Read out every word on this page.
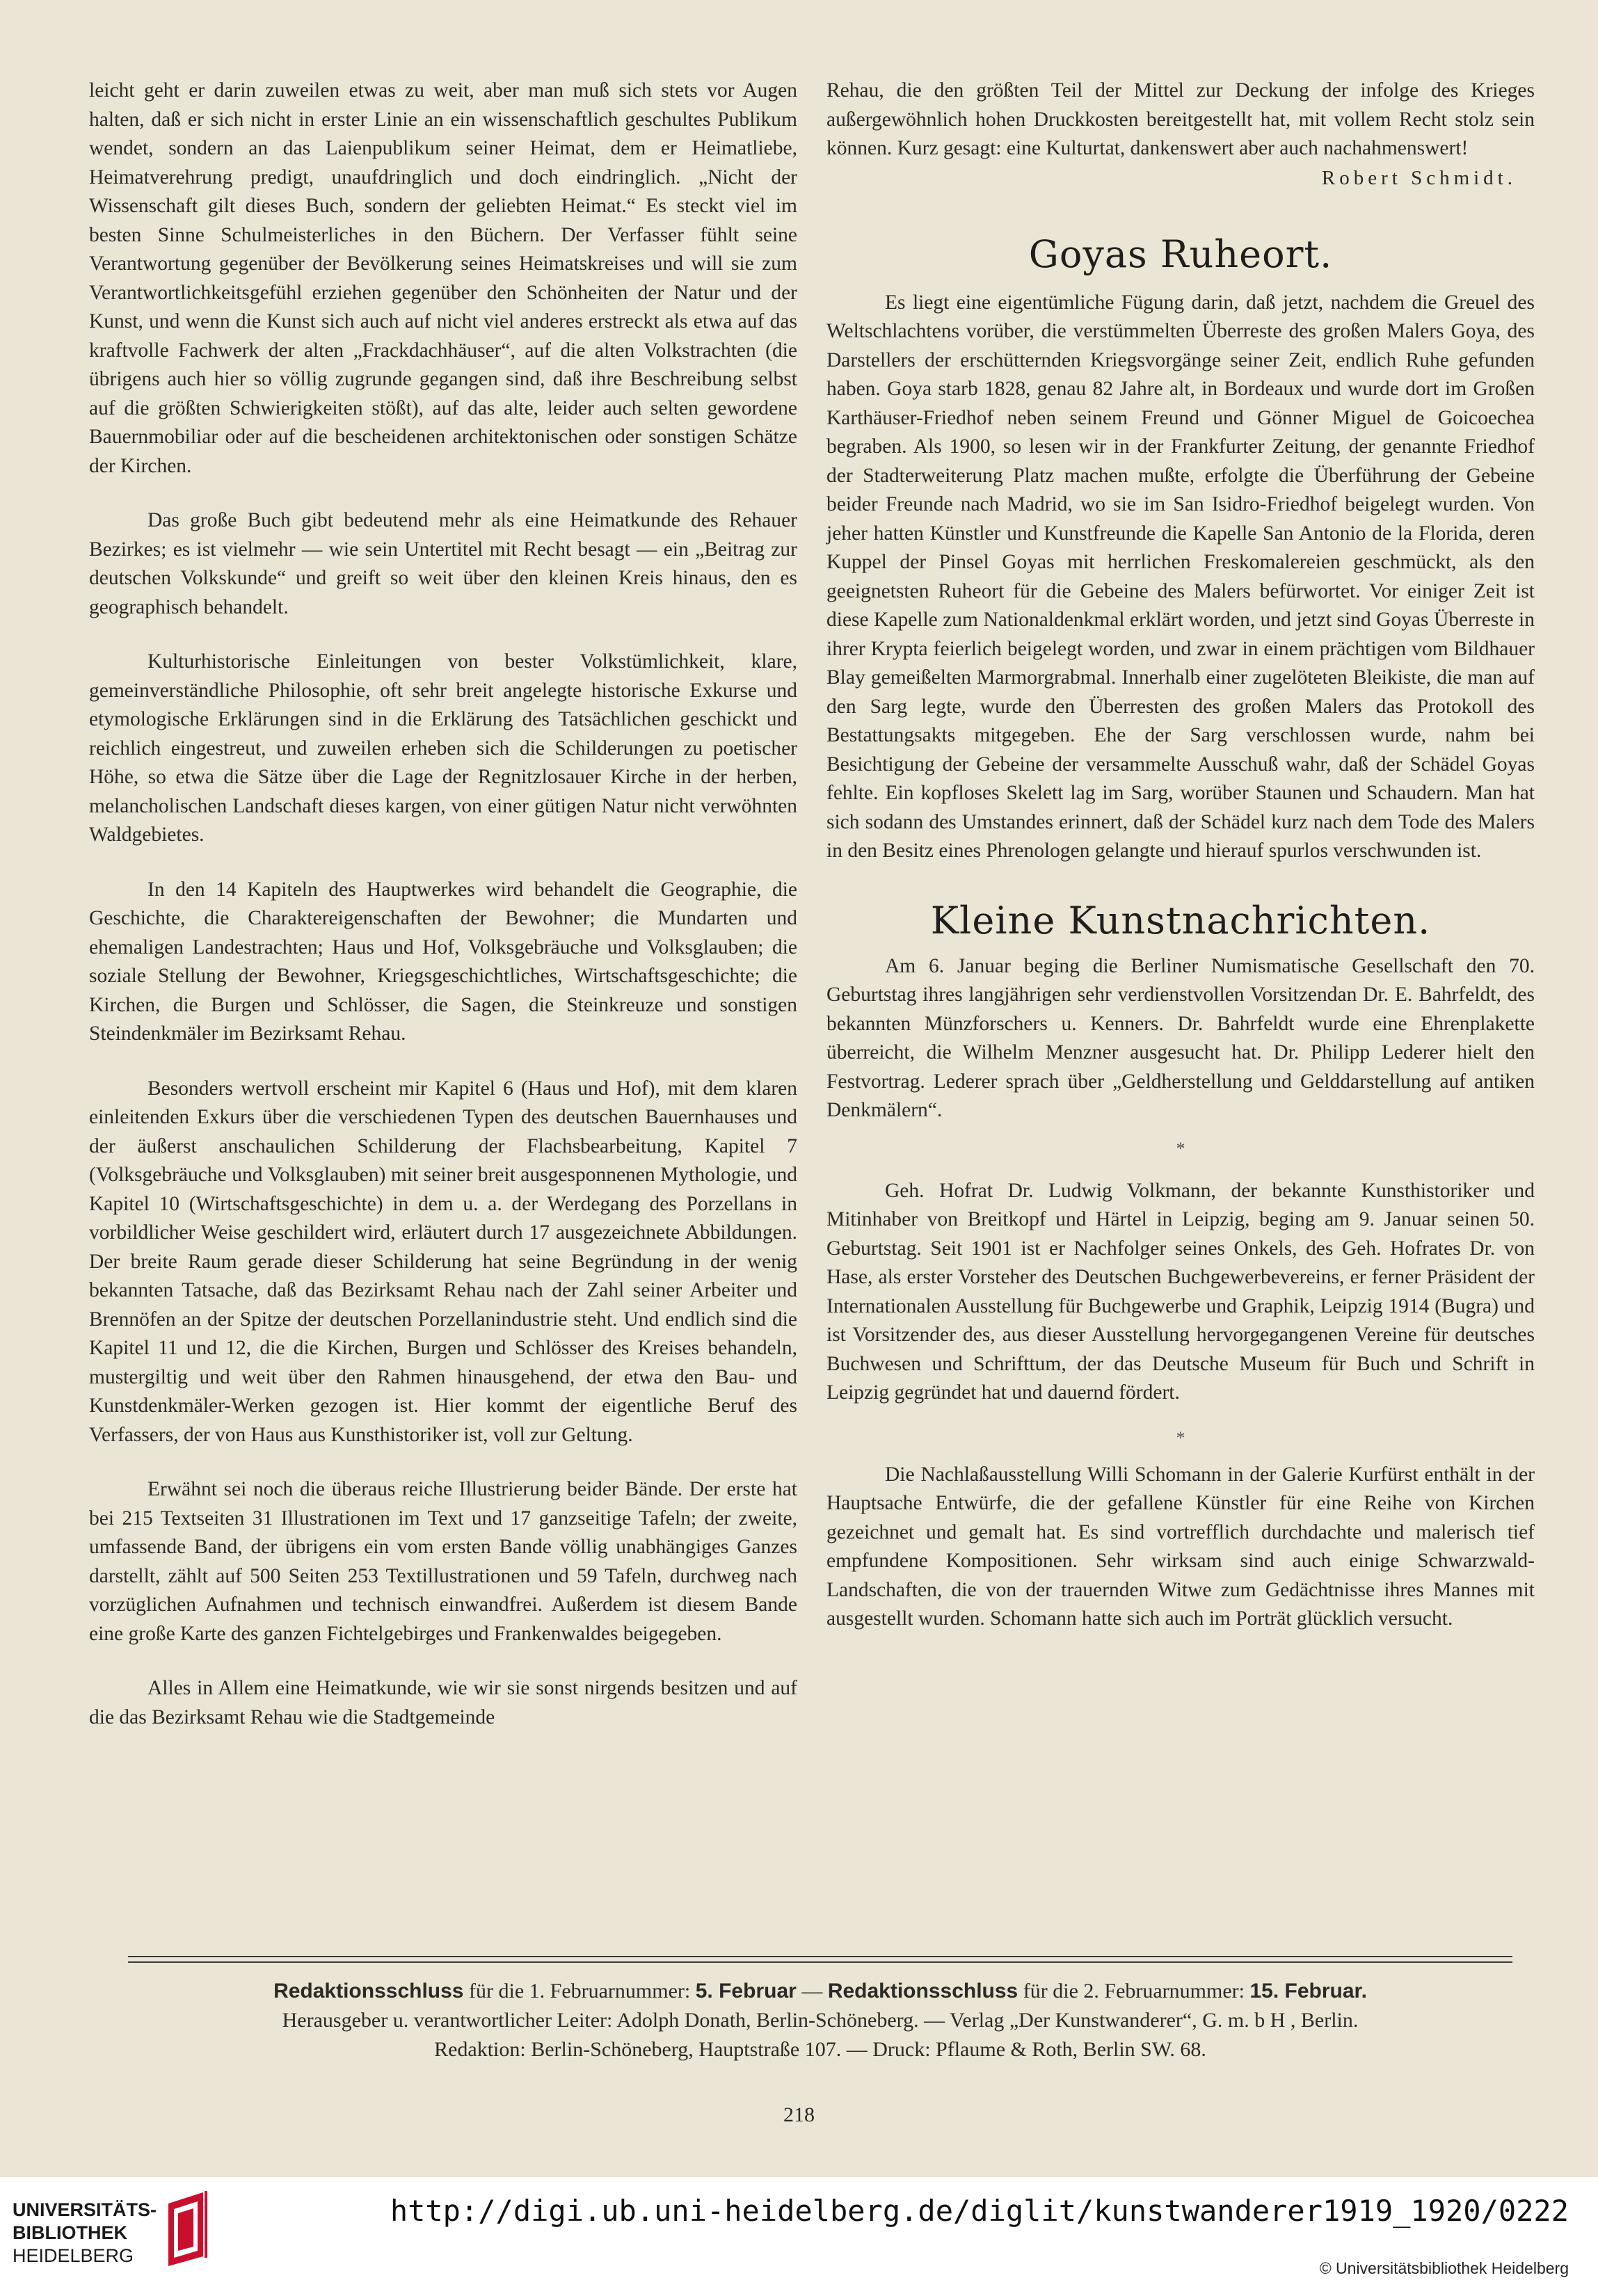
leicht geht er darin zuweilen etwas zu weit, aber man muß sich stets vor Augen halten, daß er sich nicht in erster Linie an ein wissenschaftlich geschultes Publikum wendet, sondern an das Laienpublikum seiner Heimat, dem er Heimatliebe, Heimatverehrung predigt, unaufdringlich und doch eindringlich. „Nicht der Wissenschaft gilt dieses Buch, sondern der geliebten Heimat.“ Es steckt viel im besten Sinne Schulmeisterliches in den Büchern. Der Verfasser fühlt seine Verantwortung gegenüber der Bevölkerung seines Heimatskreises und will sie zum Verantwortlichkeitsgefühl erziehen gegenüber den Schönheiten der Natur und der Kunst, und wenn die Kunst sich auch auf nicht viel anderes erstreckt als etwa auf das kraftvolle Fachwerk der alten „Frackdachhäuser“, auf die alten Volkstrachten (die übrigens auch hier so völlig zugrunde gegangen sind, daß ihre Beschreibung selbst auf die größten Schwierigkeiten stößt), auf das alte, leider auch selten gewordene Bauernmobiliar oder auf die bescheidenen architektonischen oder sonstigen Schätze der Kirchen.

Das große Buch gibt bedeutend mehr als eine Heimatkunde des Rehauer Bezirkes; es ist vielmehr — wie sein Untertitel mit Recht besagt — ein „Beitrag zur deutschen Volkskunde“ und greift so weit über den kleinen Kreis hinaus, den es geographisch behandelt.

Kulturhistorische Einleitungen von bester Volkstümlichkeit, klare, gemeinverständliche Philosophie, oft sehr breit angelegte historische Exkurse und etymologische Erklärungen sind in die Erklärung des Tatsächlichen geschickt und reichlich eingestreut, und zuweilen erheben sich die Schilderungen zu poetischer Höhe, so etwa die Sätze über die Lage der Regnitzlosauer Kirche in der herben, melancholischen Landschaft dieses kargen, von einer gütigen Natur nicht verwöhnten Waldgebietes.

In den 14 Kapiteln des Hauptwerkes wird behandelt die Geographie, die Geschichte, die Charaktereigenschaften der Bewohner; die Mundarten und ehemaligen Landestrachten; Haus und Hof, Volksgebräuche und Volksglauben; die soziale Stellung der Bewohner, Kriegsgeschichtliches, Wirtschaftsgeschichte; die Kirchen, die Burgen und Schlösser, die Sagen, die Steinkreuze und sonstigen Steindenkmäler im Bezirksamt Rehau.

Besonders wertvoll erscheint mir Kapitel 6 (Haus und Hof), mit dem klaren einleitenden Exkurs über die verschiedenen Typen des deutschen Bauernhauses und der äußerst anschaulichen Schilderung der Flachsbearbeitung, Kapitel 7 (Volksgebräuche und Volksglauben) mit seiner breit ausgesponnenen Mythologie, und Kapitel 10 (Wirtschaftsgeschichte) in dem u. a. der Werdegang des Porzellans in vorbildlicher Weise geschildert wird, erläutert durch 17 ausgezeichnete Abbildungen. Der breite Raum gerade dieser Schilderung hat seine Begründung in der wenig bekannten Tatsache, daß das Bezirksamt Rehau nach der Zahl seiner Arbeiter und Brennöfen an der Spitze der deutschen Porzellanindustrie steht. Und endlich sind die Kapitel 11 und 12, die die Kirchen, Burgen und Schlösser des Kreises behandeln, mustergiltig und weit über den Rahmen hinausgehend, der etwa den Bau- und Kunstdenkmäler-Werken gezogen ist. Hier kommt der eigentliche Beruf des Verfassers, der von Haus aus Kunsthistoriker ist, voll zur Geltung.

Erwähnt sei noch die überaus reiche Illustrierung beider Bände. Der erste hat bei 215 Textseiten 31 Illustrationen im Text und 17 ganzseitige Tafeln; der zweite, umfassende Band, der übrigens ein vom ersten Bande völlig unabhängiges Ganzes darstellt, zählt auf 500 Seiten 253 Textillustrationen und 59 Tafeln, durchweg nach vorzüglichen Aufnahmen und technisch einwandfrei. Außerdem ist diesem Bande eine große Karte des ganzen Fichtelgebirges und Frankenwaldes beigegeben.

Alles in Allem eine Heimatkunde, wie wir sie sonst nirgends besitzen und auf die das Bezirksamt Rehau wie die Stadtgemeinde

Rehau, die den größten Teil der Mittel zur Deckung der infolge des Krieges außergewöhnlich hohen Druckkosten bereitgestellt hat, mit vollem Recht stolz sein können. Kurz gesagt: eine Kulturtat, dankenswert aber auch nachahmenswert!

Robert Schmidt.
Goyas Ruheort.

Es liegt eine eigentümliche Fügung darin, daß jetzt, nachdem die Greuel des Weltschlachtens vorüber, die verstümmelten Überreste des großen Malers Goya, des Darstellers der erschütternden Kriegsvorgänge seiner Zeit, endlich Ruhe gefunden haben. Goya starb 1828, genau 82 Jahre alt, in Bordeaux und wurde dort im Großen Karthäuser-Friedhof neben seinem Freund und Gönner Miguel de Goicoechea begraben. Als 1900, so lesen wir in der Frankfurter Zeitung, der genannte Friedhof der Stadterweiterung Platz machen mußte, erfolgte die Überführung der Gebeine beider Freunde nach Madrid, wo sie im San Isidro-Friedhof beigelegt wurden. Von jeher hatten Künstler und Kunstfreunde die Kapelle San Antonio de la Florida, deren Kuppel der Pinsel Goyas mit herrlichen Freskomalereien geschmückt, als den geeignetsten Ruheort für die Gebeine des Malers befürwortet. Vor einiger Zeit ist diese Kapelle zum Nationaldenkmal erklärt worden, und jetzt sind Goyas Überreste in ihrer Krypta feierlich beigelegt worden, und zwar in einem prächtigen vom Bildhauer Blay gemeißelten Marmorgrabmal. Innerhalb einer zugelöteten Bleikiste, die man auf den Sarg legte, wurde den Überresten des großen Malers das Protokoll des Bestattungsakts mitgegeben. Ehe der Sarg verschlossen wurde, nahm bei Besichtigung der Gebeine der versammelte Ausschuß wahr, daß der Schädel Goyas fehlte. Ein kopfloses Skelett lag im Sarg, worüber Staunen und Schaudern. Man hat sich sodann des Umstandes erinnert, daß der Schädel kurz nach dem Tode des Malers in den Besitz eines Phrenologen gelangte und hierauf spurlos verschwunden ist.

Kleine Kunstnachrichten.

Am 6. Januar beging die Berliner Numismatische Gesellschaft den 70. Geburtstag ihres langjährigen sehr verdienstvollen Vorsitzendan Dr. E. Bahrfeldt, des bekannten Münzforschers u. Kenners. Dr. Bahrfeldt wurde eine Ehrenplakette überreicht, die Wilhelm Menzner ausgesucht hat. Dr. Philipp Lederer hielt den Festvortrag. Lederer sprach über „Geldherstellung und Gelddarstellung auf antiken Denkmälern“.

*

Geh. Hofrat Dr. Ludwig Volkmann, der bekannte Kunsthistoriker und Mitinhaber von Breitkopf und Härtel in Leipzig, beging am 9. Januar seinen 50. Geburtstag. Seit 1901 ist er Nachfolger seines Onkels, des Geh. Hofrates Dr. von Hase, als erster Vorsteher des Deutschen Buchgewerbevereins, er ferner Präsident der Internationalen Ausstellung für Buchgewerbe und Graphik, Leipzig 1914 (Bugra) und ist Vorsitzender des, aus dieser Ausstellung hervorgegangenen Vereine für deutsches Buchwesen und Schrifttum, der das Deutsche Museum für Buch und Schrift in Leipzig gegründet hat und dauernd fördert.

*

Die Nachlaßausstellung Willi Schomann in der Galerie Kurfürst enthält in der Hauptsache Entwürfe, die der gefallene Künstler für eine Reihe von Kirchen gezeichnet und gemalt hat. Es sind vortrefflich durchdachte und malerisch tief empfundene Kompositionen. Sehr wirksam sind auch einige Schwarzwald-Landschaften, die von der trauernden Witwe zum Gedächtnisse ihres Mannes mit ausgestellt wurden. Schomann hatte sich auch im Porträt glücklich versucht.

Redaktionsschluss für die 1. Februarnummer: 5. Februar — Redaktionsschluss für die 2. Februarnummer: 15. Februar.
Herausgeber u. verantwortlicher Leiter: Adolph Donath, Berlin-Schöneberg. — Verlag „Der Kunstwanderer“, G. m. b H , Berlin.
Redaktion: Berlin-Schöneberg, Hauptstraße 107. — Druck: Pflaume & Roth, Berlin SW. 68.
218
UNIVERSITÄTS-
BIBLIOTHEK
HEIDELBERG
http://digi.ub.uni-heidelberg.de/diglit/kunstwanderer1919_1920/0222
© Universitätsbibliothek Heidelberg
